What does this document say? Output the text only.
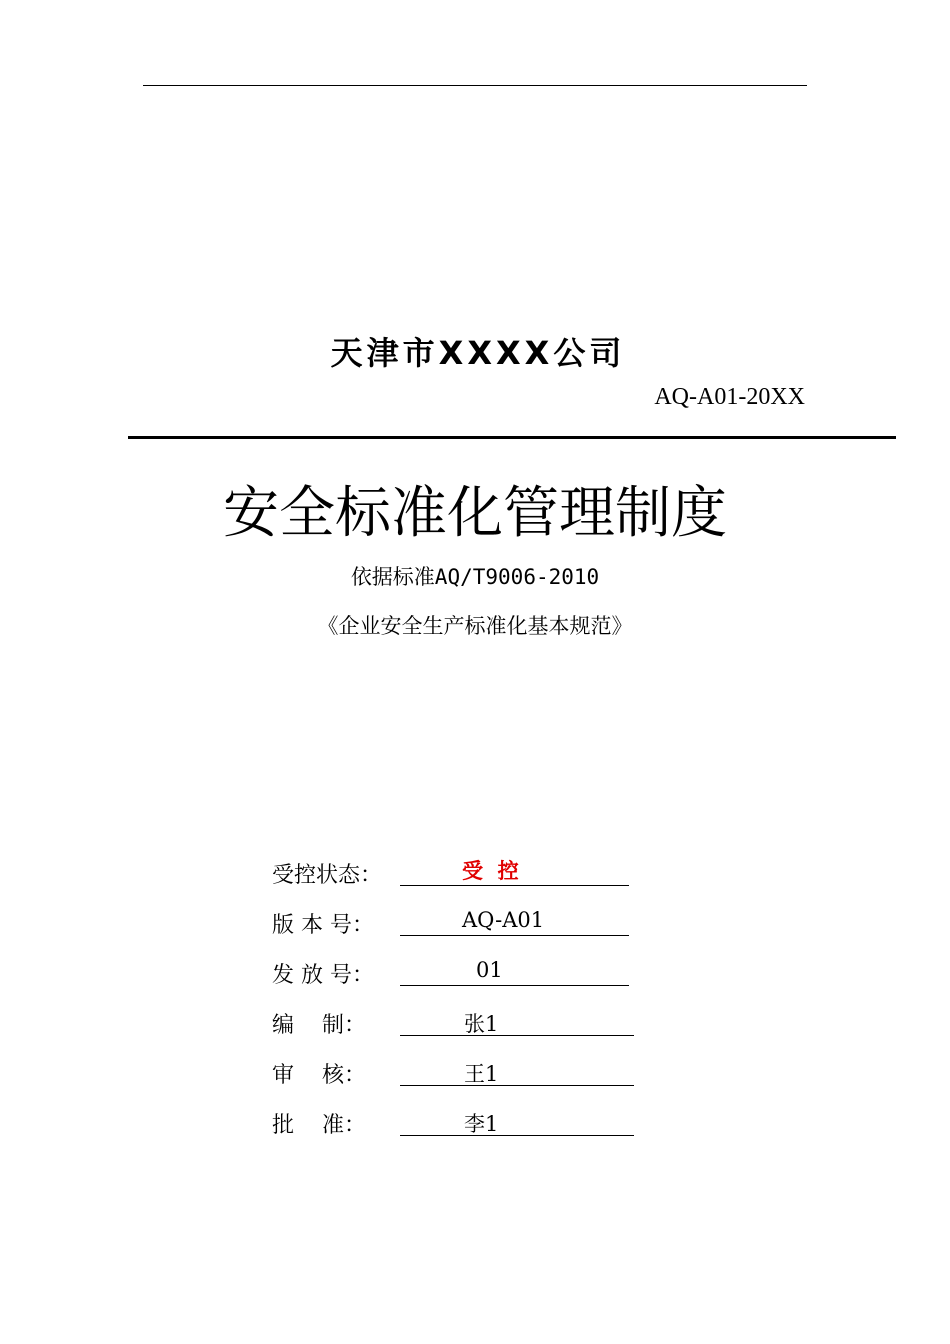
天津市XXXX公司
AQ-A01-20XX
安全标准化管理制度
依据标准AQ/T9006-2010
《企业安全生产标准化基本规范》
受控状态：	受  控
版 本 号：	AQ-A01
发 放 号：	01
编    制：	张1
审    核：	王1
批    准：	李1
